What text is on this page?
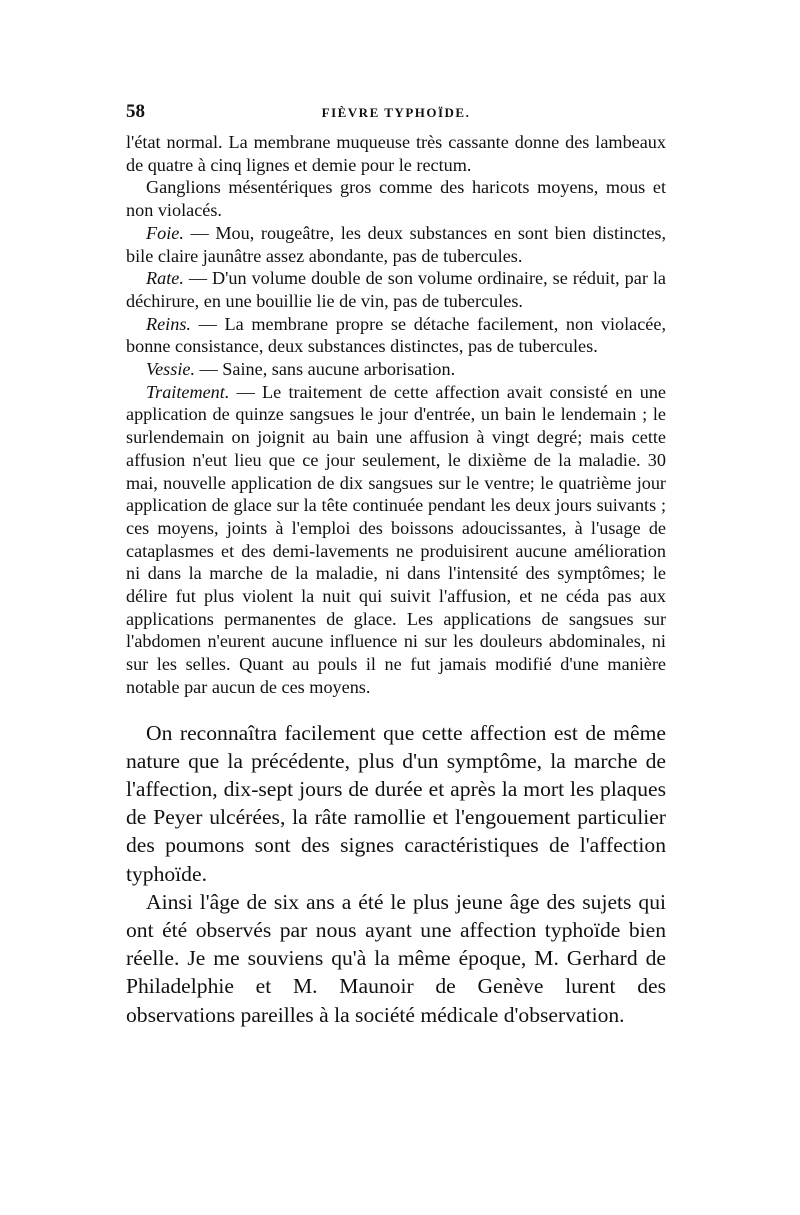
58	FIÈVRE TYPHOÏDE.

l'état normal. La membrane muqueuse très cassante donne des lambeaux de quatre à cinq lignes et demie pour le rectum.

Ganglions mésentériques gros comme des haricots moyens, mous et non violacés.

Foie. — Mou, rougeâtre, les deux substances en sont bien distinctes, bile claire jaunâtre assez abondante, pas de tubercules.

Rate. — D'un volume double de son volume ordinaire, se réduit, par la déchirure, en une bouillie lie de vin, pas de tubercules.

Reins. — La membrane propre se détache facilement, non violacée, bonne consistance, deux substances distinctes, pas de tubercules.

Vessie. — Saine, sans aucune arborisation.

Traitement. — Le traitement de cette affection avait consisté en une application de quinze sangsues le jour d'entrée, un bain le lendemain ; le surlendemain on joignit au bain une affusion à vingt degré; mais cette affusion n'eut lieu que ce jour seulement, le dixième de la maladie. 30 mai, nouvelle application de dix sangsues sur le ventre; le quatrième jour application de glace sur la tête continuée pendant les deux jours suivants ; ces moyens, joints à l'emploi des boissons adoucissantes, à l'usage de cataplasmes et des demi-lavements ne produisirent aucune amélioration ni dans la marche de la maladie, ni dans l'intensité des symptômes; le délire fut plus violent la nuit qui suivit l'affusion, et ne céda pas aux applications permanentes de glace. Les applications de sangsues sur l'abdomen n'eurent aucune influence ni sur les douleurs abdominales, ni sur les selles. Quant au pouls il ne fut jamais modifié d'une manière notable par aucun de ces moyens.

On reconnaîtra facilement que cette affection est de même nature que la précédente, plus d'un symptôme, la marche de l'affection, dix-sept jours de durée et après la mort les plaques de Peyer ulcérées, la râte ramollie et l'engouement particulier des poumons sont des signes caractéristiques de l'affection typhoïde.

Ainsi l'âge de six ans a été le plus jeune âge des sujets qui ont été observés par nous ayant une affection typhoïde bien réelle. Je me souviens qu'à la même époque, M. Gerhard de Philadelphie et M. Maunoir de Genève lurent des observations pareilles à la société médicale d'observation.
